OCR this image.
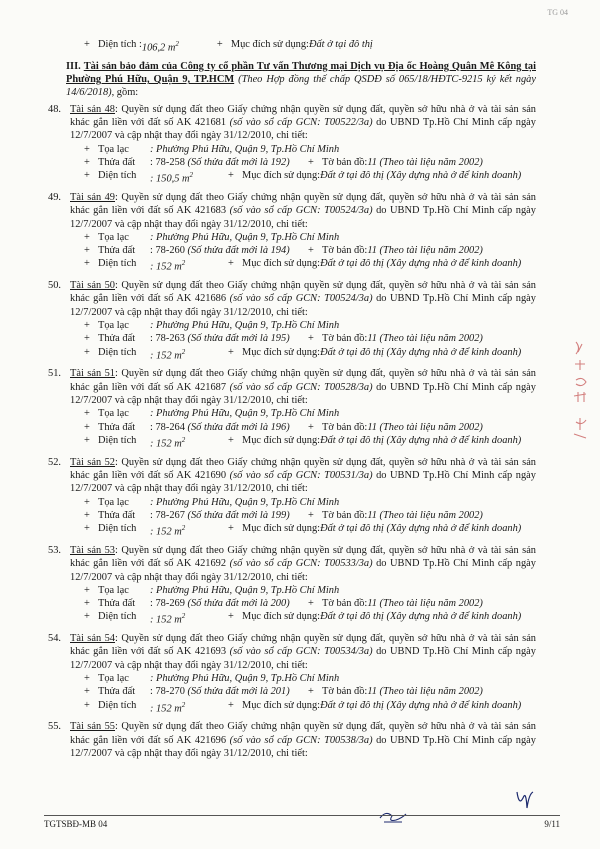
TG 04
+ Diện tích : 106,2 $m^2$	+ Mục đích sử dụng: Đất ở tại đô thị
III. Tài sản bảo đảm của Công ty cổ phần Tư vấn Thương mại Dịch vụ Địa ốc Hoàng Quân Mê Kông tại Phường Phú Hữu, Quận 9, TP.HCM (Theo Hợp đồng thế chấp QSDĐ số 065/18/HĐTC-9215 ký kết ngày 14/6/2018), gồm:
48. Tài sản 48: Quyền sử dụng đất theo Giấy chứng nhận quyền sử dụng đất, quyền sở hữu nhà ở và tài sản sản khác gắn liền với đất số AK 421681 (số vào sổ cấp GCN: T00522/3a) do UBND Tp.Hồ Chí Minh cấp ngày 12/7/2007 và cập nhật thay đổi ngày 31/12/2010, chi tiết:
+ Tọa lạc	: Phường Phú Hữu, Quận 9, Tp.Hồ Chí Minh
+ Thửa đất	: 78-258 (Số thửa đất mới là 192)	+ Tờ bản đồ: 11 (Theo tài liệu năm 2002)
+ Diện tích	: 150,5 $m^2$	+ Mục đích sử dụng: Đất ở tại đô thị (Xây dựng nhà ở để kinh doanh)
49. Tài sản 49: Quyền sử dụng đất theo Giấy chứng nhận quyền sử dụng đất, quyền sở hữu nhà ở và tài sản sản khác gắn liền với đất số AK 421683 (số vào sổ cấp GCN: T00524/3a) do UBND Tp.Hồ Chí Minh cấp ngày 12/7/2007 và cập nhật thay đổi ngày 31/12/2010, chi tiết:
+ Tọa lạc	: Phường Phú Hữu, Quận 9, Tp.Hồ Chí Minh
+ Thửa đất	: 78-260 (Số thửa đất mới là 194)	+ Tờ bản đồ: 11 (Theo tài liệu năm 2002)
+ Diện tích	: 152 $m^2$	+ Mục đích sử dụng: Đất ở tại đô thị (Xây dựng nhà ở để kinh doanh)
50. Tài sản 50: Quyền sử dụng đất theo Giấy chứng nhận quyền sử dụng đất, quyền sở hữu nhà ở và tài sản sản khác gắn liền với đất số AK 421686 (số vào sổ cấp GCN: T00524/3a) do UBND Tp.Hồ Chí Minh cấp ngày 12/7/2007 và cập nhật thay đổi ngày 31/12/2010, chi tiết:
+ Tọa lạc	: Phường Phú Hữu, Quận 9, Tp.Hồ Chí Minh
+ Thửa đất	: 78-263 (Số thửa đất mới là 195)	+ Tờ bản đồ: 11 (Theo tài liệu năm 2002)
+ Diện tích	: 152 $m^2$	+ Mục đích sử dụng: Đất ở tại đô thị (Xây dựng nhà ở để kinh doanh)
51. Tài sản 51: Quyền sử dụng đất theo Giấy chứng nhận quyền sử dụng đất, quyền sở hữu nhà ở và tài sản sản khác gắn liền với đất số AK 421687 (số vào sổ cấp GCN: T00528/3a) do UBND Tp.Hồ Chí Minh cấp ngày 12/7/2007 và cập nhật thay đổi ngày 31/12/2010, chi tiết:
+ Tọa lạc	: Phường Phú Hữu, Quận 9, Tp.Hồ Chí Minh
+ Thửa đất	: 78-264 (Số thửa đất mới là 196)	+ Tờ bản đồ: 11 (Theo tài liệu năm 2002)
+ Diện tích	: 152 $m^2$	+ Mục đích sử dụng: Đất ở tại đô thị (Xây dựng nhà ở để kinh doanh)
52. Tài sản 52: Quyền sử dụng đất theo Giấy chứng nhận quyền sử dụng đất, quyền sở hữu nhà ở và tài sản sản khác gắn liền với đất số AK 421690 (số vào sổ cấp GCN: T00531/3a) do UBND Tp.Hồ Chí Minh cấp ngày 12/7/2007 và cập nhật thay đổi ngày 31/12/2010, chi tiết:
+ Tọa lạc	: Phường Phú Hữu, Quận 9, Tp.Hồ Chí Minh
+ Thửa đất	: 78-267 (Số thửa đất mới là 199)	+ Tờ bản đồ: 11 (Theo tài liệu năm 2002)
+ Diện tích	: 152 $m^2$	+ Mục đích sử dụng: Đất ở tại đô thị (Xây dựng nhà ở để kinh doanh)
53. Tài sản 53: Quyền sử dụng đất theo Giấy chứng nhận quyền sử dụng đất, quyền sở hữu nhà ở và tài sản sản khác gắn liền với đất số AK 421692 (số vào sổ cấp GCN: T00533/3a) do UBND Tp.Hồ Chí Minh cấp ngày 12/7/2007 và cập nhật thay đổi ngày 31/12/2010, chi tiết:
+ Tọa lạc	: Phường Phú Hữu, Quận 9, Tp.Hồ Chí Minh
+ Thửa đất	: 78-269 (Số thửa đất mới là 200)	+ Tờ bản đồ: 11 (Theo tài liệu năm 2002)
+ Diện tích	: 152 $m^2$	+ Mục đích sử dụng: Đất ở tại đô thị (Xây dựng nhà ở để kinh doanh)
54. Tài sản 54: Quyền sử dụng đất theo Giấy chứng nhận quyền sử dụng đất, quyền sở hữu nhà ở và tài sản sản khác gắn liền với đất số AK 421693 (số vào sổ cấp GCN: T00534/3a) do UBND Tp.Hồ Chí Minh cấp ngày 12/7/2007 và cập nhật thay đổi ngày 31/12/2010, chi tiết:
+ Tọa lạc	: Phường Phú Hữu, Quận 9, Tp.Hồ Chí Minh
+ Thửa đất	: 78-270 (Số thửa đất mới là 201)	+ Tờ bản đồ: 11 (Theo tài liệu năm 2002)
+ Diện tích	: 152 $m^2$	+ Mục đích sử dụng: Đất ở tại đô thị (Xây dựng nhà ở để kinh doanh)
55. Tài sản 55: Quyền sử dụng đất theo Giấy chứng nhận quyền sử dụng đất, quyền sở hữu nhà ở và tài sản sản khác gắn liền với đất số AK 421696 (số vào sổ cấp GCN: T00538/3a) do UBND Tp.Hồ Chí Minh cấp ngày 12/7/2007 và cập nhật thay đổi ngày 31/12/2010, chi tiết:
TGTSBĐ-MB 04	9/11
